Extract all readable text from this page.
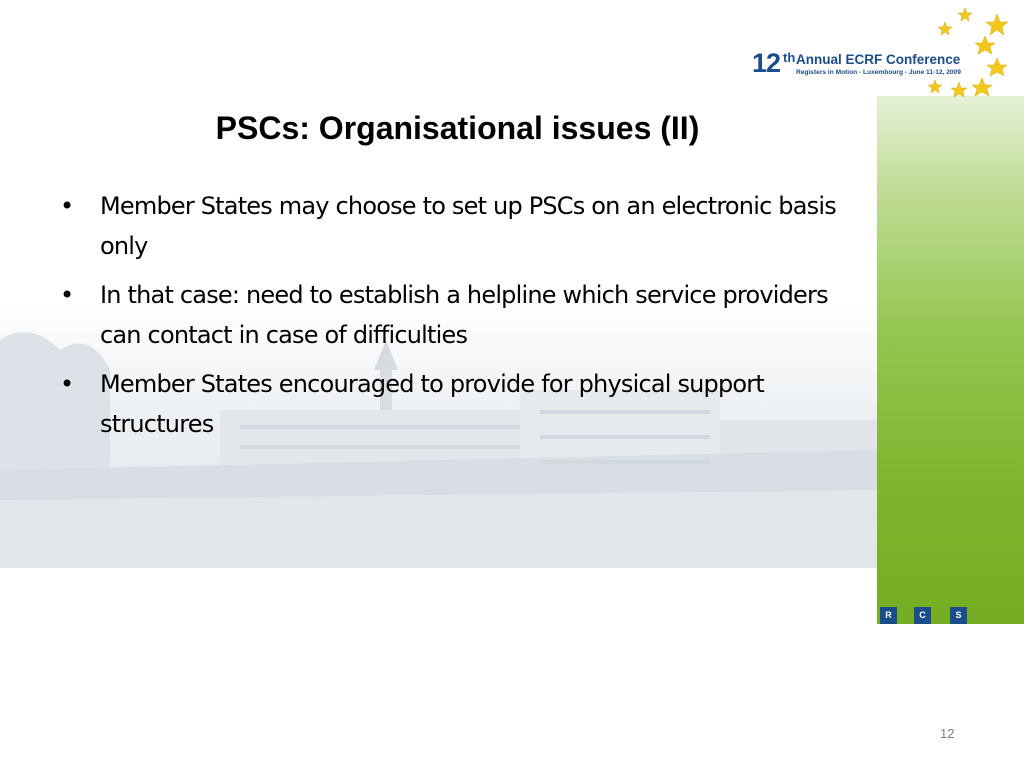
12 th Annual ECRF Conference
Registers in Motion - Luxembourg - June 11-12, 2009
PSCs: Organisational issues (II)
• Member States may choose to set up PSCs on an electronic basis only
• In that case: need to establish a helpline which service providers can contact in case of difficulties
• Member States encouraged to provide for physical support structures
R	C	S
12
